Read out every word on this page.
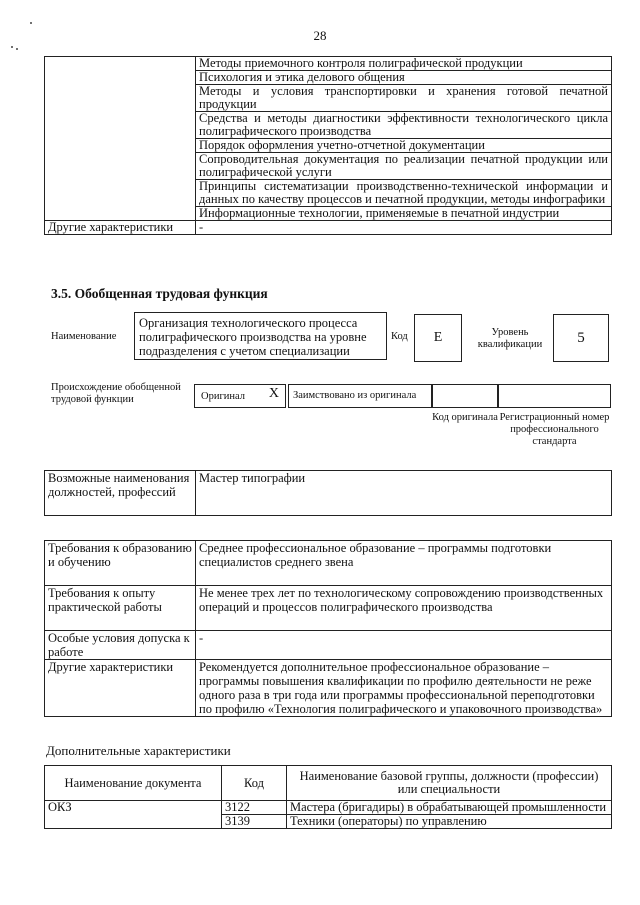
28
	Методы приемочного контроля полиграфической продукции
	Психология и этика делового общения
	Методы и условия транспортировки и хранения готовой печатной продукции
	Средства и методы диагностики эффективности технологического цикла полиграфического производства
	Порядок оформления учетно-отчетной документации
	Сопроводительная документация по реализации печатной продукции или полиграфической услуги
	Принципы систематизации производственно-технической информации и данных по качеству процессов и печатной продукции, методы инфографики
	Информационные технологии, применяемые в печатной индустрии
Другие характеристики	-
3.5. Обобщенная трудовая функция
Наименование
Организация технологического процесса полиграфического производства на уровне подразделения с учетом специализации
Код	E	Уровень квалификации	5
Происхождение обобщенной трудовой функции	Оригинал X	Заимствовано из оригинала
Код оригинала Регистрационный номер профессионального стандарта
Возможные наименования должностей, профессий	Мастер типографии
Требования к образованию и обучению	Среднее профессиональное образование – программы подготовки специалистов среднего звена
Требования к опыту практической работы	Не менее трех лет по технологическому сопровождению производственных операций и процессов полиграфического производства
Особые условия допуска к работе	-
Другие характеристики	Рекомендуется дополнительное профессиональное образование – программы повышения квалификации по профилю деятельности не реже одного раза в три года или программы профессиональной переподготовки по профилю «Технология полиграфического и упаковочного производства»
Дополнительные характеристики
Наименование документа	Код	Наименование базовой группы, должности (профессии) или специальности
ОКЗ	3122	Мастера (бригадиры) в обрабатывающей промышленности
	3139	Техники (операторы) по управлению
